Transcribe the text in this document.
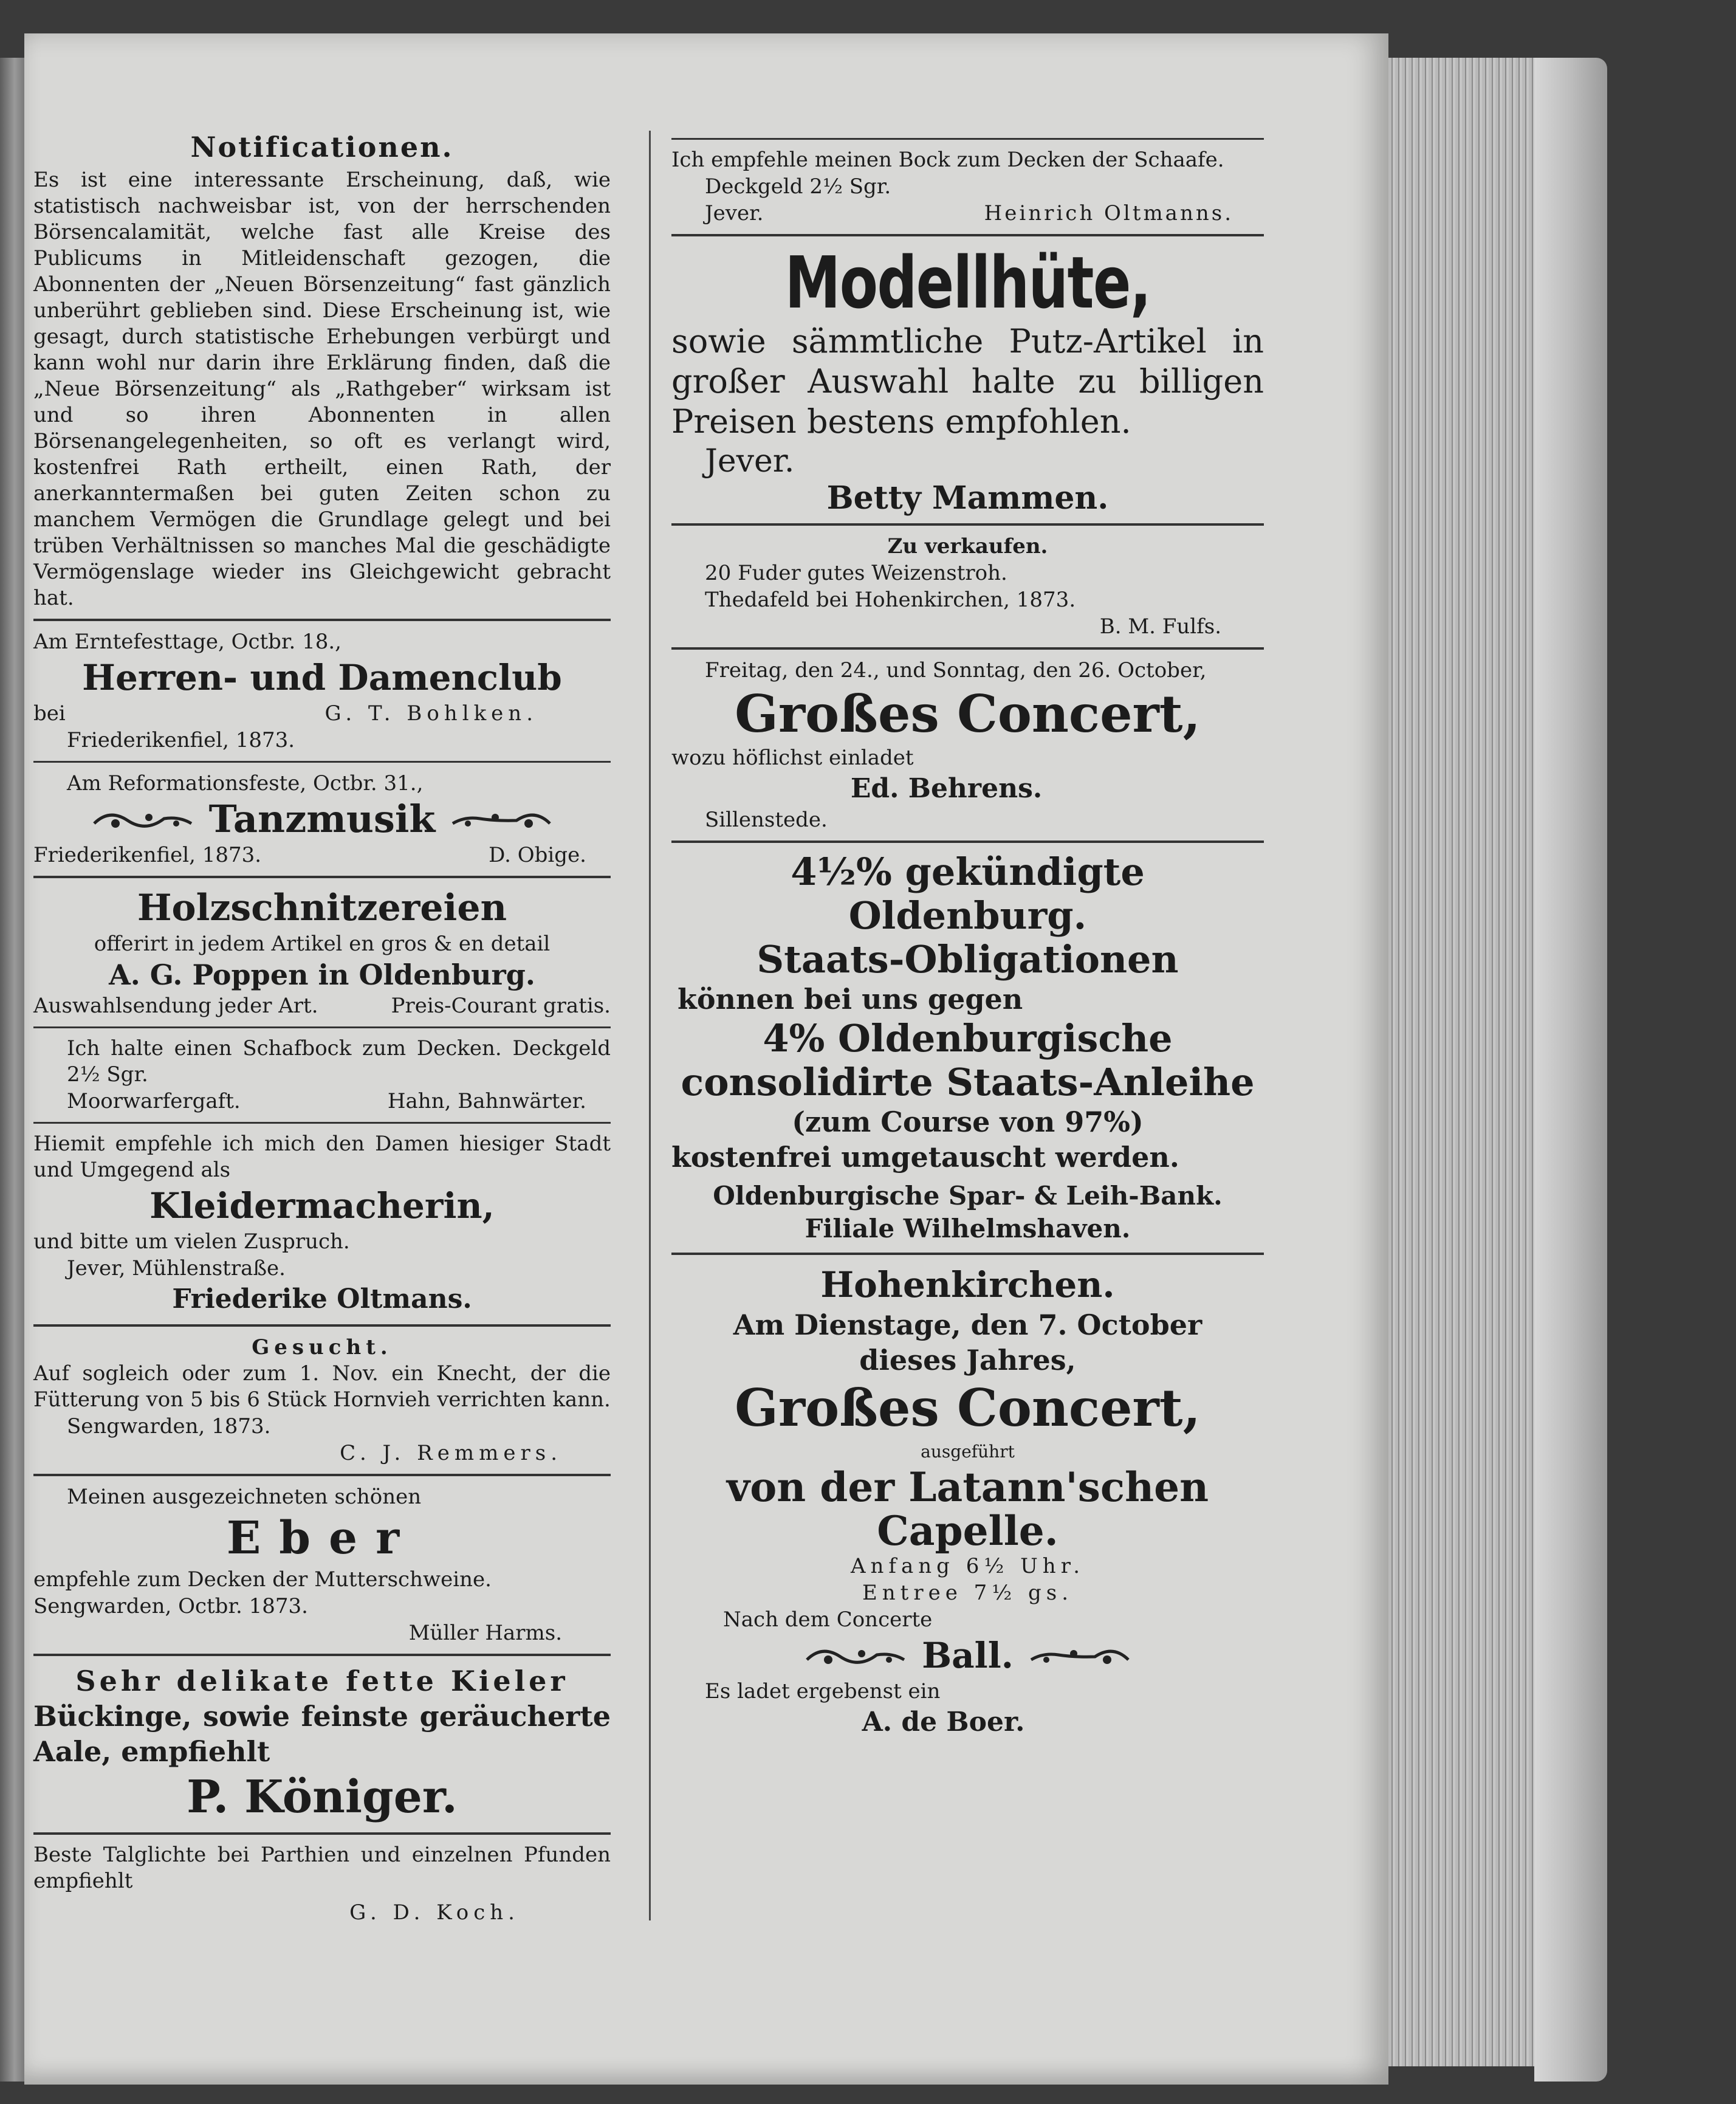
Notificationen.

Es ist eine interessante Erscheinung, daß, wie statistisch nachweisbar ist, von der herrschenden Börsencalamität, welche fast alle Kreise des Publicums in Mitleidenschaft gezogen, die Abonnenten der „Neuen Börsenzeitung“ fast gänzlich unberührt geblieben sind. Diese Erscheinung ist, wie gesagt, durch statistische Erhebungen verbürgt und kann wohl nur darin ihre Erklärung finden, daß die „Neue Börsenzeitung“ als „Rathgeber“ wirksam ist und so ihren Abonnenten in allen Börsenangelegenheiten, so oft es verlangt wird, kostenfrei Rath ertheilt, einen Rath, der anerkanntermaßen bei guten Zeiten schon zu manchem Vermögen die Grundlage gelegt und bei trüben Verhältnissen so manches Mal die geschädigte Vermögenslage wieder ins Gleichgewicht gebracht hat.

Am Erntefesttage, Octbr. 18.,
Herren- und Damenclub
bei	G. T. Bohlken.
Friederikenfiel, 1873.
Am Reformationsfeste, Octbr. 31.,
Tanzmusik
Friederikenfiel, 1873.	D. Obige.
Holzschnitzereien
offerirt in jedem Artikel en gros & en detail
A. G. Poppen in Oldenburg.
Auswahlsendung jeder Art.	Preis-Courant gratis.

Ich halte einen Schafbock zum Decken. Deckgeld 2½ Sgr.

Moorwarfergaft.	Hahn, Bahnwärter.

Hiemit empfehle ich mich den Damen hiesiger Stadt und Umgegend als

Kleidermacherin,
und bitte um vielen Zuspruch.
Jever, Mühlenstraße.
Friederike Oltmans.
Gesucht.

Auf sogleich oder zum 1. Nov. ein Knecht, der die Fütterung von 5 bis 6 Stück Hornvieh verrichten kann.

Sengwarden, 1873.
C. J. Remmers.
Meinen ausgezeichneten schönen
Eber
empfehle zum Decken der Mutterschweine.
Sengwarden, Octbr. 1873.
Müller Harms.
Sehr delikate fette Kieler
Bückinge, sowie feinste geräucherte Aale, empfiehlt
P. Königer.

Beste Talglichte bei Parthien und einzelnen Pfunden empfiehlt

G. D. Koch.

Ich empfehle meinen Bock zum Decken der Schaafe.

Deckgeld 2½ Sgr.
Jever.	Heinrich Oltmanns.
Modellhüte,

sowie sämmtliche Putz-Artikel in großer Auswahl halte zu billigen Preisen bestens empfohlen.

Jever.
Betty Mammen.
Zu verkaufen.
20 Fuder gutes Weizenstroh.
Thedafeld bei Hohenkirchen, 1873.
B. M. Fulfs.
Freitag, den 24., und Sonntag, den 26. October,
Großes Concert,
wozu höflichst einladet
Ed. Behrens.
Sillenstede.
4½% gekündigte Oldenburg.
Staats-Obligationen
können bei uns gegen
4% Oldenburgische consolidirte Staats-Anleihe
(zum Course von 97%)
kostenfrei umgetauscht werden.
Oldenburgische Spar- & Leih-Bank.
Filiale Wilhelmshaven.
Hohenkirchen.
Am Dienstage, den 7. October
dieses Jahres,
Großes Concert,
ausgeführt
von der Latann'schen Capelle.
Anfang 6½ Uhr.
Entree 7½ gs.
Nach dem Concerte
Ball.
Es ladet ergebenst ein
A. de Boer.
